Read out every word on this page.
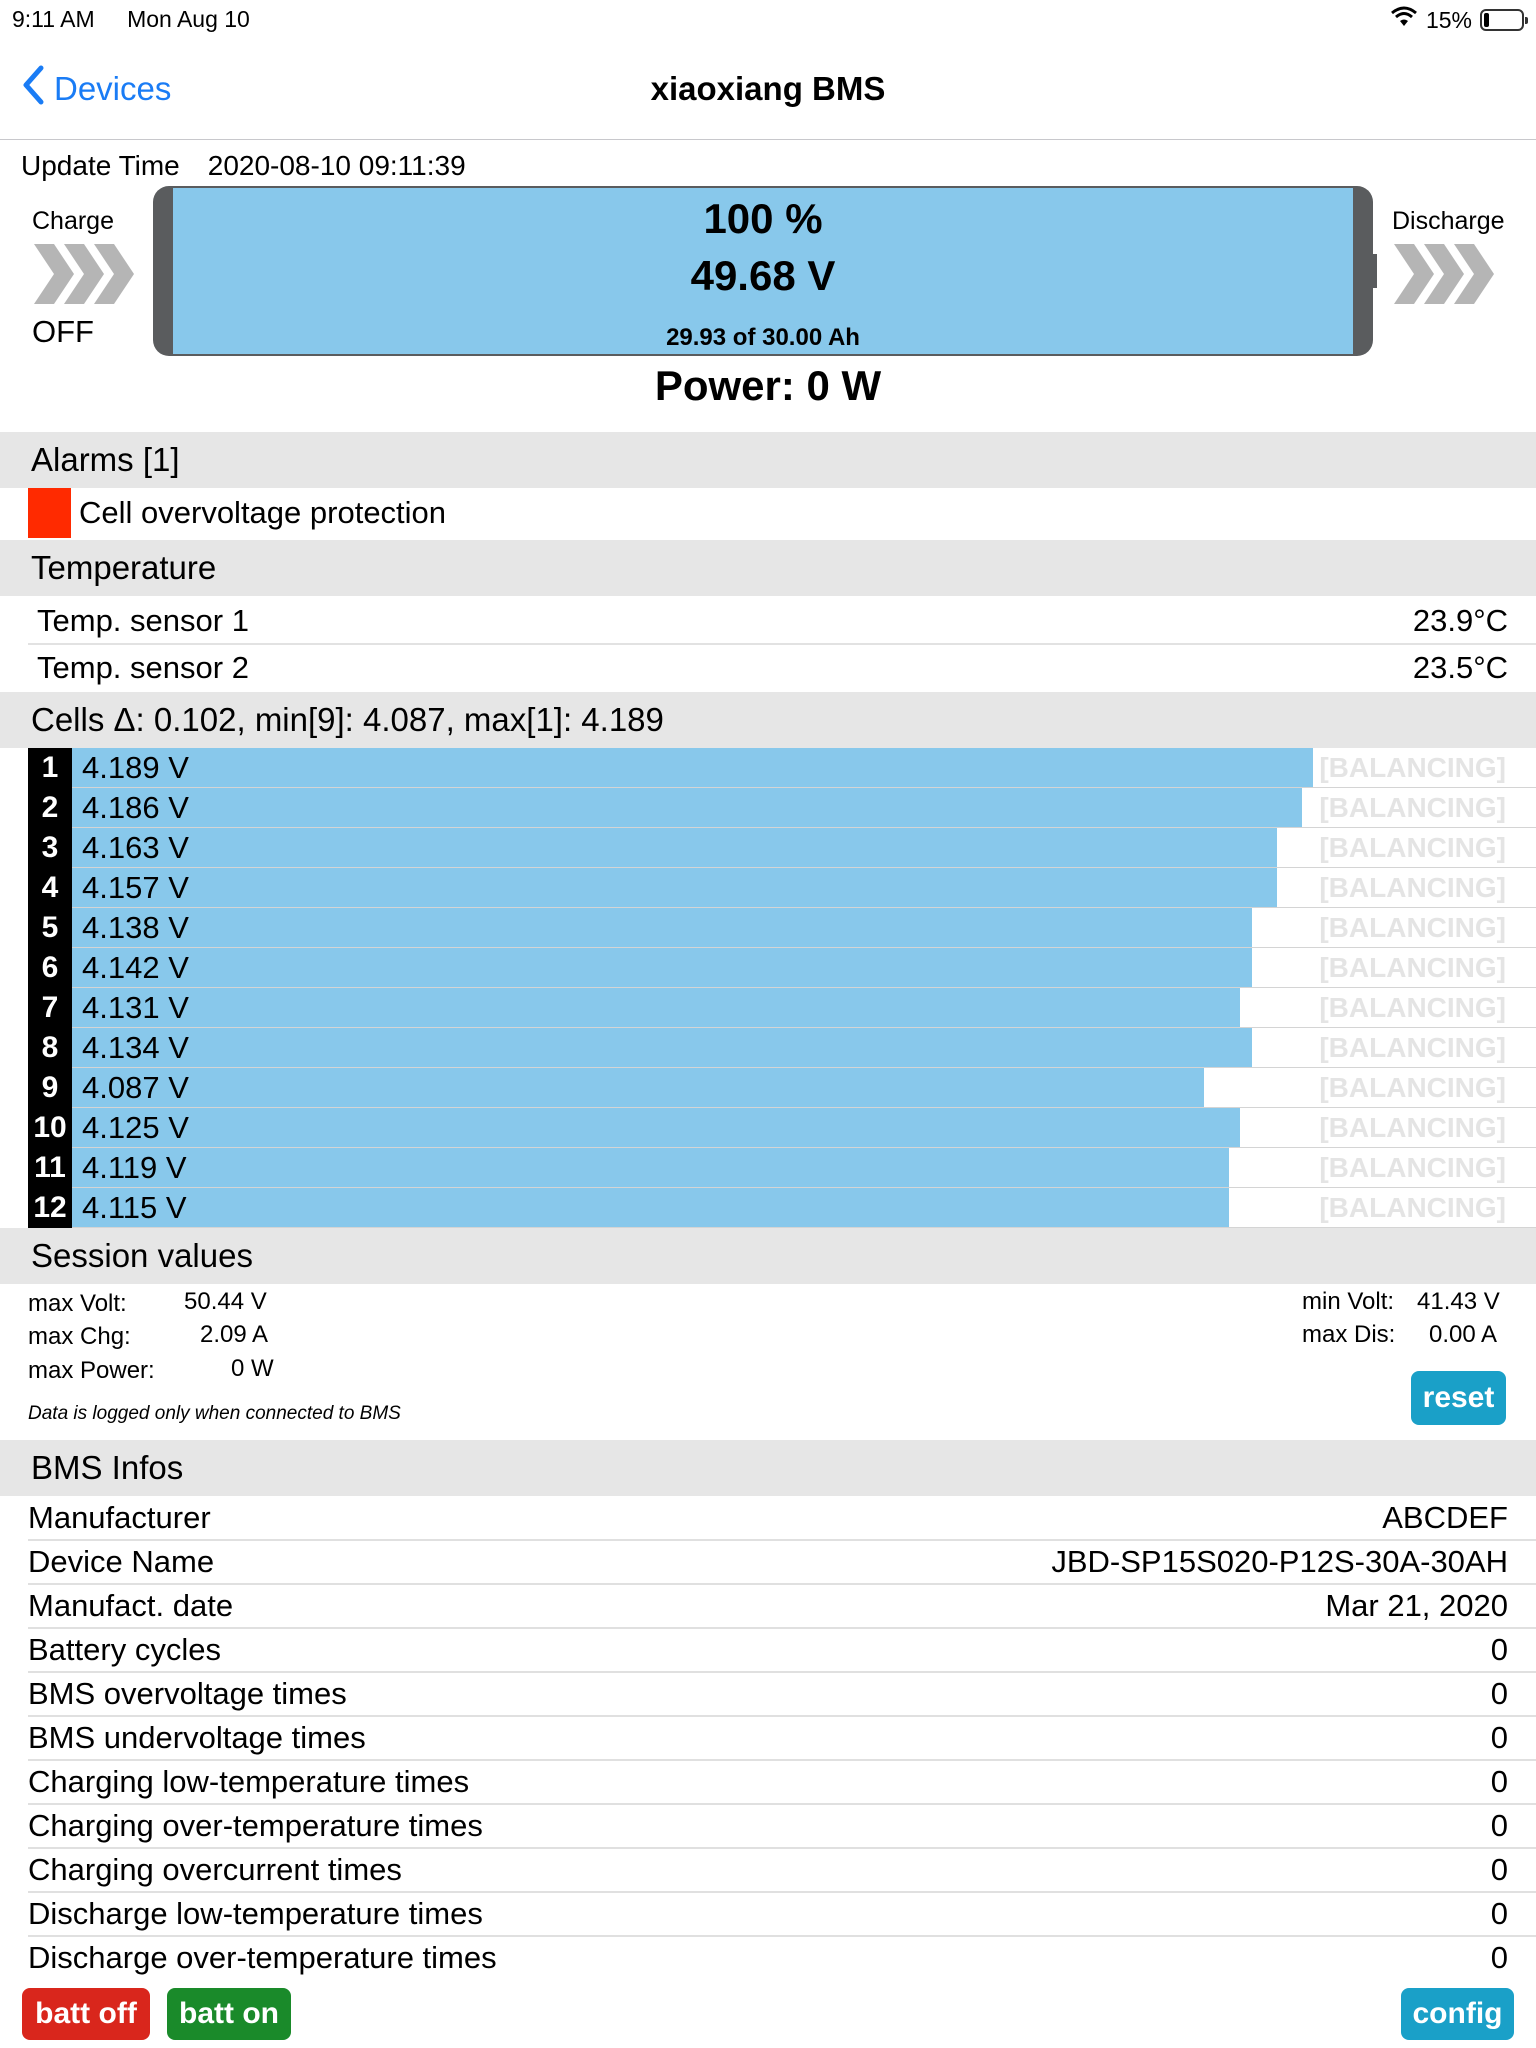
9:11 AM Mon Aug 10	15%
Devices	xiaoxiang BMS
Update Time 2020-08-10 09:11:39
Charge
OFF
Discharge
100 %
49.68 V
29.93 of 30.00 Ah
Power: 0 W
Alarms [1]
Cell overvoltage protection
Temperature
Temp. sensor 1	23.9°C
Temp. sensor 2	23.5°C
Cells Δ: 0.102, min[9]: 4.087, max[1]: 4.189
1 4.189 V	[BALANCING]
2 4.186 V	[BALANCING]
3 4.163 V	[BALANCING]
4 4.157 V	[BALANCING]
5 4.138 V	[BALANCING]
6 4.142 V	[BALANCING]
7 4.131 V	[BALANCING]
8 4.134 V	[BALANCING]
9 4.087 V	[BALANCING]
10 4.125 V	[BALANCING]
11 4.119 V	[BALANCING]
12 4.115 V	[BALANCING]
Session values
max Volt: 50.44 V
max Chg:	2.09 A
max Power:	0 W
min Volt: 41.43 V
max Dis: 0.00 A
Data is logged only when connected to BMS	reset
BMS Infos
Manufacturer	ABCDEF
Device Name	JBD-SP15S020-P12S-30A-30AH
Manufact. date	Mar 21, 2020
Battery cycles	0
BMS overvoltage times	0
BMS undervoltage times	0
Charging low-temperature times	0
Charging over-temperature times	0
Charging overcurrent times	0
Discharge low-temperature times	0
Discharge over-temperature times	0
batt off	batt on	config
